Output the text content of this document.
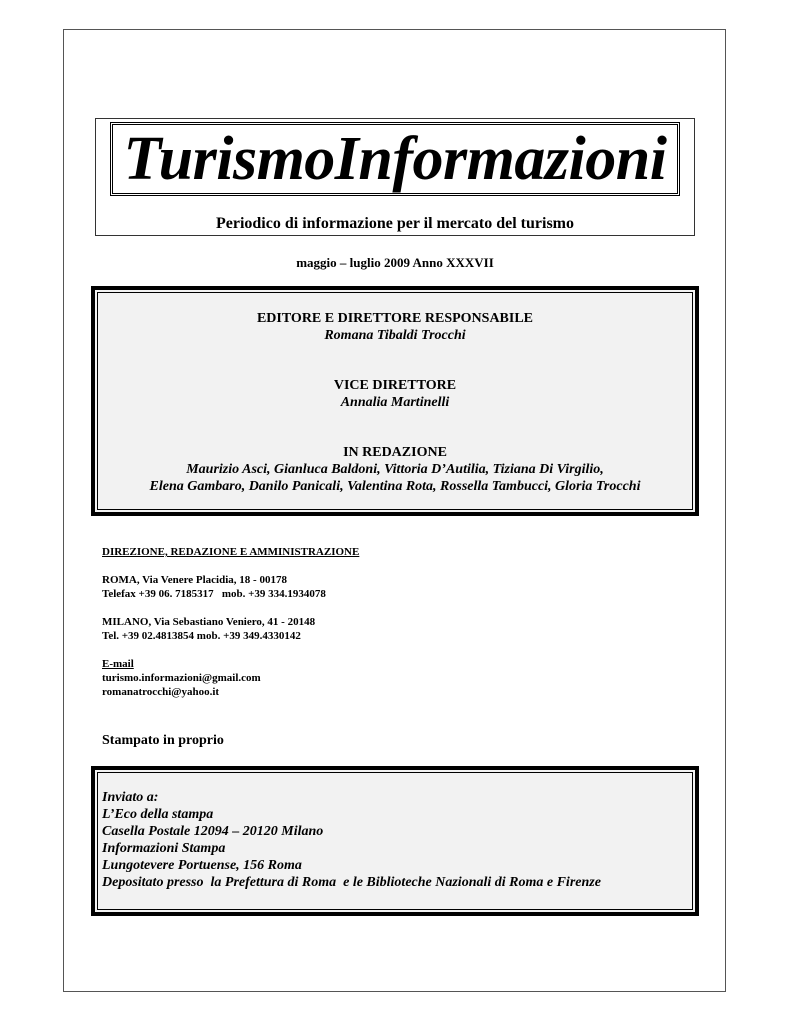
TurismoInformazioni
Periodico di informazione per il mercato del turismo
maggio – luglio 2009 Anno XXXVII
EDITORE E DIRETTORE RESPONSABILE
Romana Tibaldi Trocchi
VICE DIRETTORE
Annalia Martinelli
IN REDAZIONE
Maurizio Asci, Gianluca Baldoni, Vittoria D’Autilia, Tiziana Di Virgilio,
Elena Gambaro, Danilo Panicali, Valentina Rota, Rossella Tambucci, Gloria Trocchi
DIREZIONE, REDAZIONE E AMMINISTRAZIONE
ROMA, Via Venere Placidia, 18 - 00178
Telefax +39 06. 7185317   mob. +39 334.1934078
MILANO, Via Sebastiano Veniero, 41 - 20148
Tel. +39 02.4813854 mob. +39 349.4330142
E-mail
turismo.informazioni@gmail.com
romanatrocchi@yahoo.it
Stampato in proprio
Inviato a:
L’Eco della stampa
Casella Postale 12094 – 20120 Milano
Informazioni Stampa
Lungotevere Portuense, 156 Roma
Depositato presso  la Prefettura di Roma  e le Biblioteche Nazionali di Roma e Firenze
